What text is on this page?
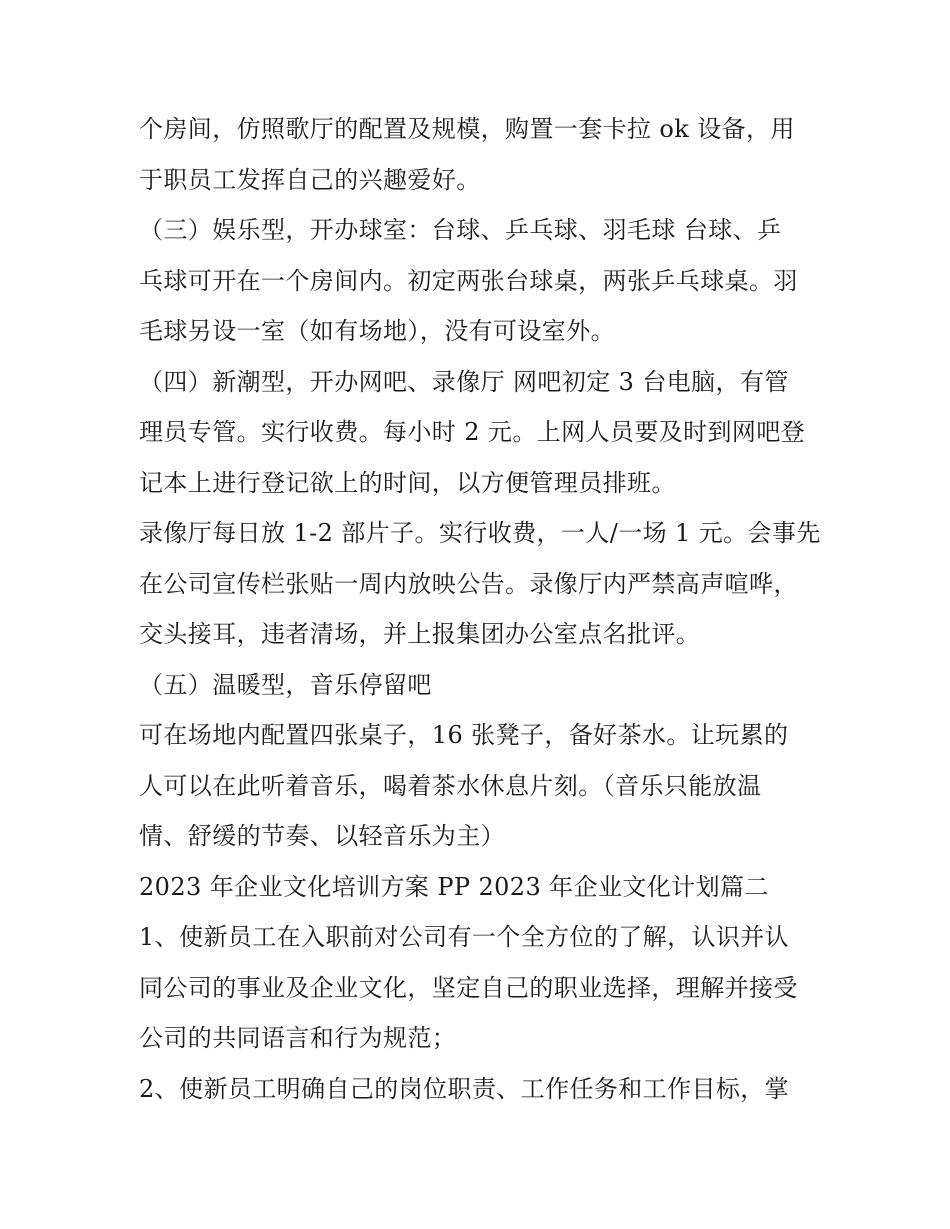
个房间，仿照歌厅的配置及规模，购置一套卡拉 ok 设备，用
于职员工发挥自己的兴趣爱好。
（三）娱乐型，开办球室：台球、乒乓球、羽毛球 台球、乒
乓球可开在一个房间内。初定两张台球桌，两张乒乓球桌。羽
毛球另设一室（如有场地），没有可设室外。
（四）新潮型，开办网吧、录像厅 网吧初定 3 台电脑，有管
理员专管。实行收费。每小时 2 元。上网人员要及时到网吧登
记本上进行登记欲上的时间，以方便管理员排班。
录像厅每日放 1-2 部片子。实行收费，一人/一场 1 元。会事先
在公司宣传栏张贴一周内放映公告。录像厅内严禁高声喧哗，
交头接耳，违者清场，并上报集团办公室点名批评。
（五）温暖型，音乐停留吧
可在场地内配置四张桌子，16 张凳子，备好茶水。让玩累的
人可以在此听着音乐，喝着茶水休息片刻。（音乐只能放温
情、舒缓的节奏、以轻音乐为主）
2023 年企业文化培训方案 PP 2023 年企业文化计划篇二
1、使新员工在入职前对公司有一个全方位的了解，认识并认
同公司的事业及企业文化，坚定自己的职业选择，理解并接受
公司的共同语言和行为规范；
2、使新员工明确自己的岗位职责、工作任务和工作目标，掌
